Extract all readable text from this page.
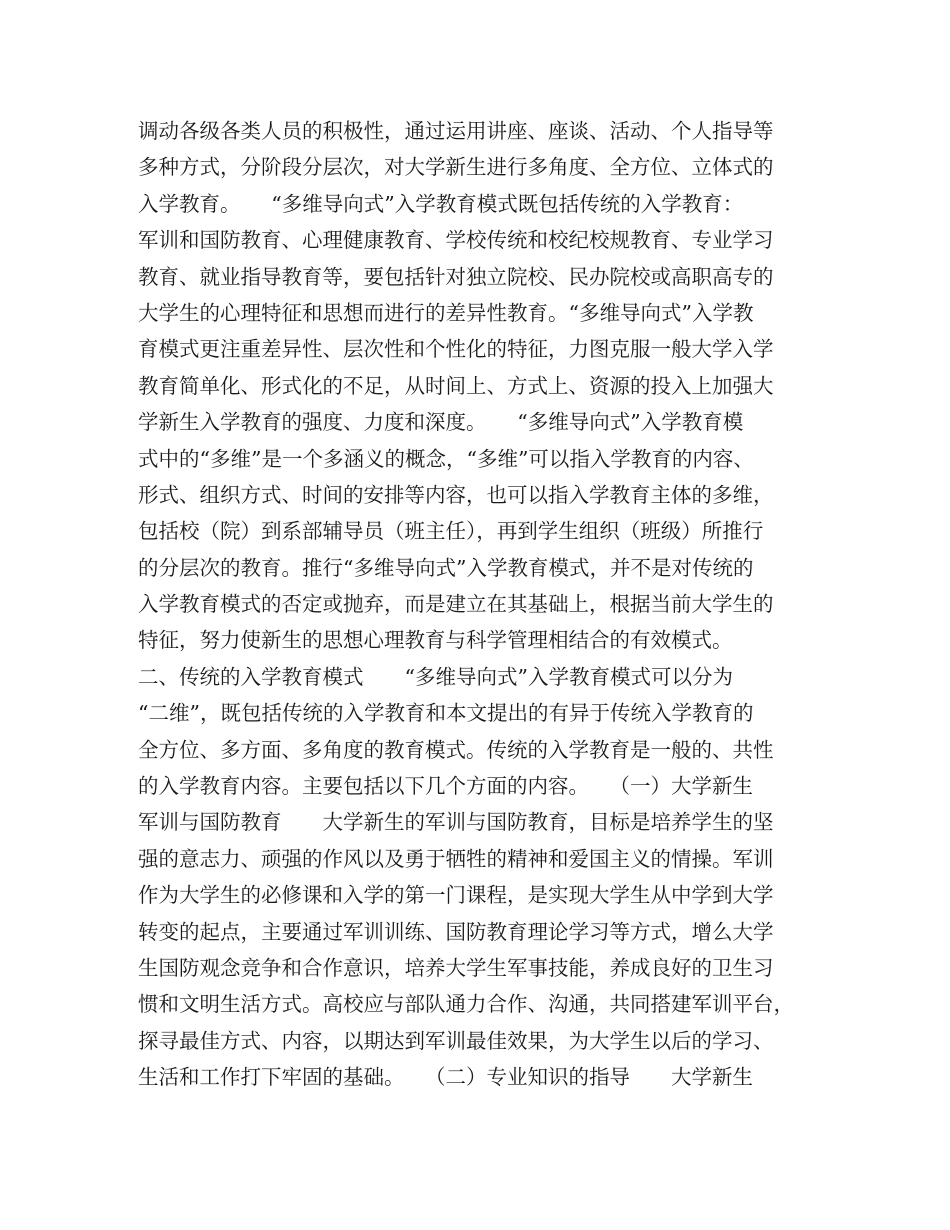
调动各级各类人员的积极性，通过运用讲座、座谈、活动、个人指导等
多种方式，分阶段分层次，对大学新生进行多角度、全方位、立体式的
入学教育。　　“多维导向式”入学教育模式既包括传统的入学教育：
军训和国防教育、心理健康教育、学校传统和校纪校规教育、专业学习
教育、就业指导教育等，要包括针对独立院校、民办院校或高职高专的
大学生的心理特征和思想而进行的差异性教育。“多维导向式”入学教
育模式更注重差异性、层次性和个性化的特征，力图克服一般大学入学
教育简单化、形式化的不足，从时间上、方式上、资源的投入上加强大
学新生入学教育的强度、力度和深度。　　“多维导向式”入学教育模
式中的“多维”是一个多涵义的概念，“多维”可以指入学教育的内容、
形式、组织方式、时间的安排等内容，也可以指入学教育主体的多维，
包括校（院）到系部辅导员（班主任），再到学生组织（班级）所推行
的分层次的教育。推行“多维导向式”入学教育模式，并不是对传统的
入学教育模式的否定或抛弃，而是建立在其基础上，根据当前大学生的
特征，努力使新生的思想心理教育与科学管理相结合的有效模式。
二、传统的入学教育模式　　“多维导向式”入学教育模式可以分为
“二维”，既包括传统的入学教育和本文提出的有异于传统入学教育的
全方位、多方面、多角度的教育模式。传统的入学教育是一般的、共性
的入学教育内容。主要包括以下几个方面的内容。　　（一）大学新生
军训与国防教育　　大学新生的军训与国防教育，目标是培养学生的坚
强的意志力、顽强的作风以及勇于牺牲的精神和爱国主义的情操。军训
作为大学生的必修课和入学的第一门课程，是实现大学生从中学到大学
转变的起点，主要通过军训训练、国防教育理论学习等方式，增么大学
生国防观念竞争和合作意识，培养大学生军事技能，养成良好的卫生习
惯和文明生活方式。高校应与部队通力合作、沟通，共同搭建军训平台，
探寻最佳方式、内容，以期达到军训最佳效果，为大学生以后的学习、
生活和工作打下牢固的基础。　　（二）专业知识的指导　　大学新生
